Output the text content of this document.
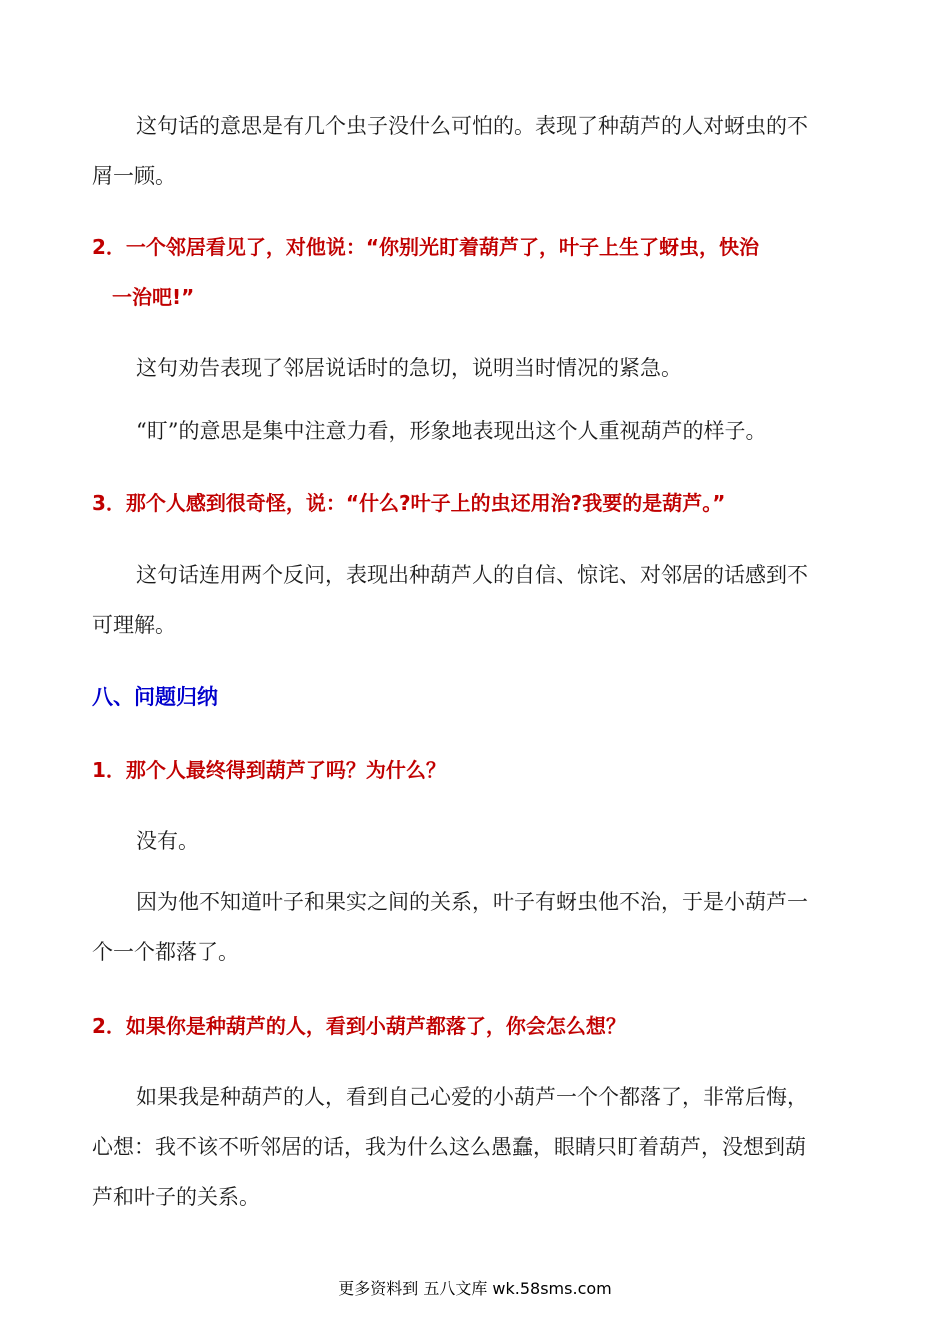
这句话的意思是有几个虫子没什么可怕的。表现了种葫芦的人对蚜虫的不
屑一顾。
2．一个邻居看见了，对他说：“你别光盯着葫芦了，叶子上生了蚜虫，快治
一治吧!”
这句劝告表现了邻居说话时的急切，说明当时情况的紧急。
“盯”的意思是集中注意力看，形象地表现出这个人重视葫芦的样子。
3．那个人感到很奇怪，说：“什么?叶子上的虫还用治?我要的是葫芦。”
这句话连用两个反问，表现出种葫芦人的自信、惊诧、对邻居的话感到不
可理解。
八、问题归纳
1．那个人最终得到葫芦了吗？为什么？
没有。
因为他不知道叶子和果实之间的关系，叶子有蚜虫他不治，于是小葫芦一
个一个都落了。
2．如果你是种葫芦的人，看到小葫芦都落了，你会怎么想？
如果我是种葫芦的人，看到自己心爱的小葫芦一个个都落了，非常后悔，
心想：我不该不听邻居的话，我为什么这么愚蠢，眼睛只盯着葫芦，没想到葫
芦和叶子的关系。
更多资料到 五八文库 wk.58sms.com
